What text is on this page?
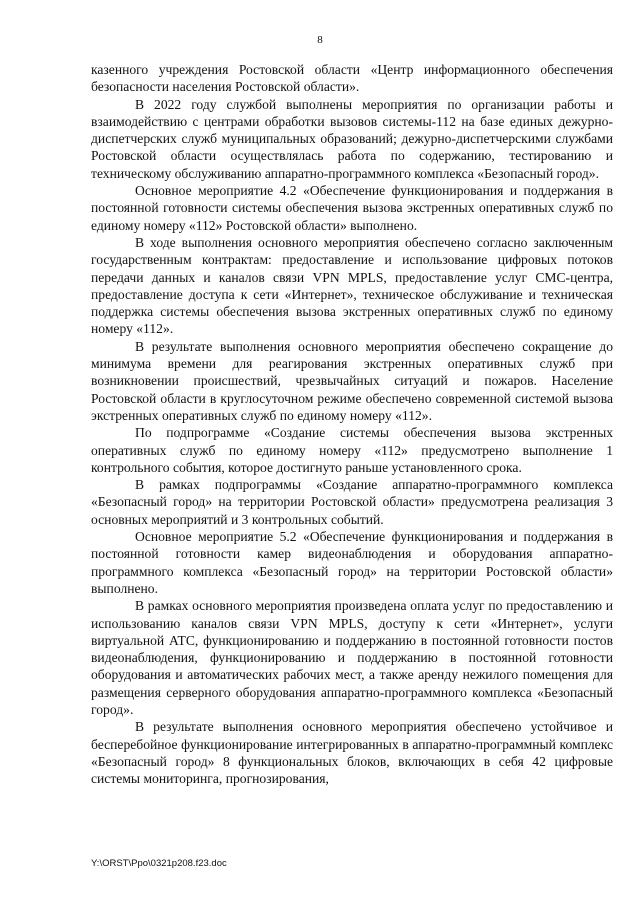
8

казенного учреждения Ростовской области «Центр информационного обеспечения безопасности населения Ростовской области».

В 2022 году службой выполнены мероприятия по организации работы и взаимодействию с центрами обработки вызовов системы-112 на базе единых дежурно-диспетчерских служб муниципальных образований; дежурно-диспетчерскими службами Ростовской области осуществлялась работа по содержанию, тестированию и техническому обслуживанию аппаратно-программного комплекса «Безопасный город».

Основное мероприятие 4.2 «Обеспечение функционирования и поддержания в постоянной готовности системы обеспечения вызова экстренных оперативных служб по единому номеру «112» Ростовской области» выполнено.

В ходе выполнения основного мероприятия обеспечено согласно заключенным государственным контрактам: предоставление и использование цифровых потоков передачи данных и каналов связи VPN MPLS, предоставление услуг СМС-центра, предоставление доступа к сети «Интернет», техническое обслуживание и техническая поддержка системы обеспечения вызова экстренных оперативных служб по единому номеру «112».

В результате выполнения основного мероприятия обеспечено сокращение до минимума времени для реагирования экстренных оперативных служб при возникновении происшествий, чрезвычайных ситуаций и пожаров. Население Ростовской области в круглосуточном режиме обеспечено современной системой вызова экстренных оперативных служб по единому номеру «112».

По подпрограмме «Создание системы обеспечения вызова экстренных оперативных служб по единому номеру «112» предусмотрено выполнение 1 контрольного события, которое достигнуто раньше установленного срока.

В рамках подпрограммы «Создание аппаратно-программного комплекса «Безопасный город» на территории Ростовской области» предусмотрена реализация 3 основных мероприятий и 3 контрольных событий.

Основное мероприятие 5.2 «Обеспечение функционирования и поддержания в постоянной готовности камер видеонаблюдения и оборудования аппаратно-программного комплекса «Безопасный город» на территории Ростовской области» выполнено.

В рамках основного мероприятия произведена оплата услуг по предоставлению и использованию каналов связи VPN MPLS, доступу к сети «Интернет», услуги виртуальной АТС, функционированию и поддержанию в постоянной готовности постов видеонаблюдения, функционированию и поддержанию в постоянной готовности оборудования и автоматических рабочих мест, а также аренду нежилого помещения для размещения серверного оборудования аппаратно-программного комплекса «Безопасный город».

В результате выполнения основного мероприятия обеспечено устойчивое и бесперебойное функционирование интегрированных в аппаратно-программный комплекс «Безопасный город» 8 функциональных блоков, включающих в себя 42 цифровые системы мониторинга, прогнозирования,

Y:\ORST\Ppo\0321p208.f23.doc
